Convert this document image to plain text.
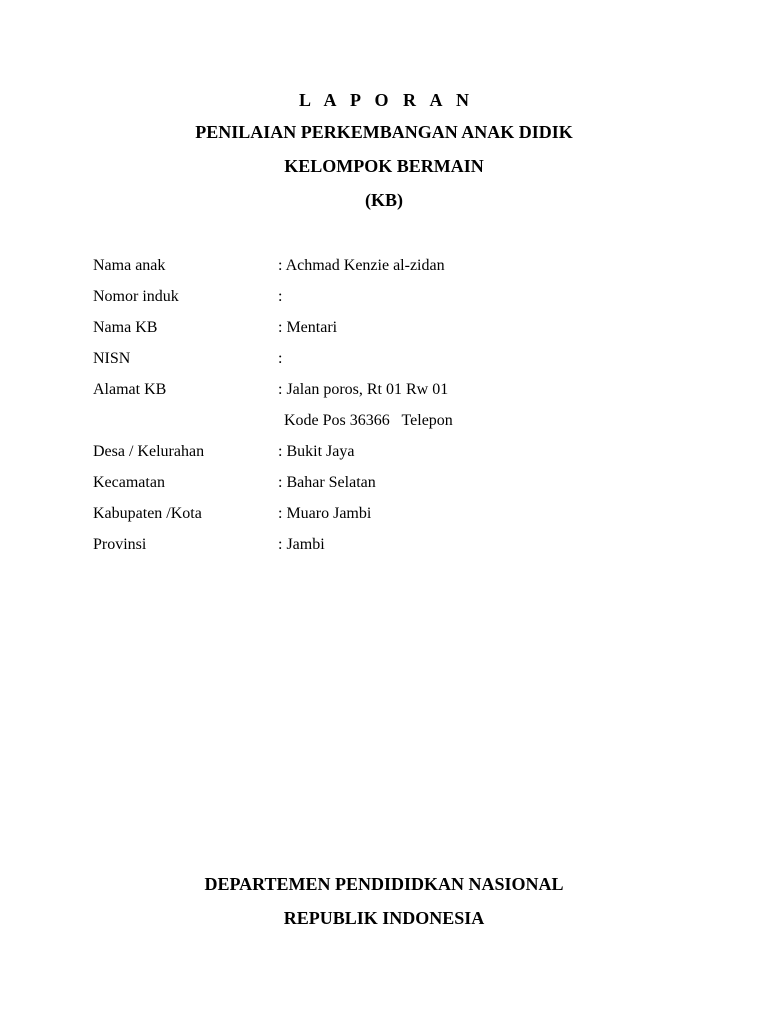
L A P O R A N
PENILAIAN PERKEMBANGAN ANAK DIDIK
KELOMPOK BERMAIN
(KB)
Nama anak	: Achmad Kenzie al-zidan
Nomor induk	:
Nama KB	: Mentari
NISN	:
Alamat KB	: Jalan poros, Rt 01 Rw 01
Kode Pos 36366   Telepon
Desa / Kelurahan	: Bukit Jaya
Kecamatan	: Bahar Selatan
Kabupaten /Kota	: Muaro Jambi
Provinsi	: Jambi
DEPARTEMEN PENDIDIDKAN NASIONAL
REPUBLIK INDONESIA
